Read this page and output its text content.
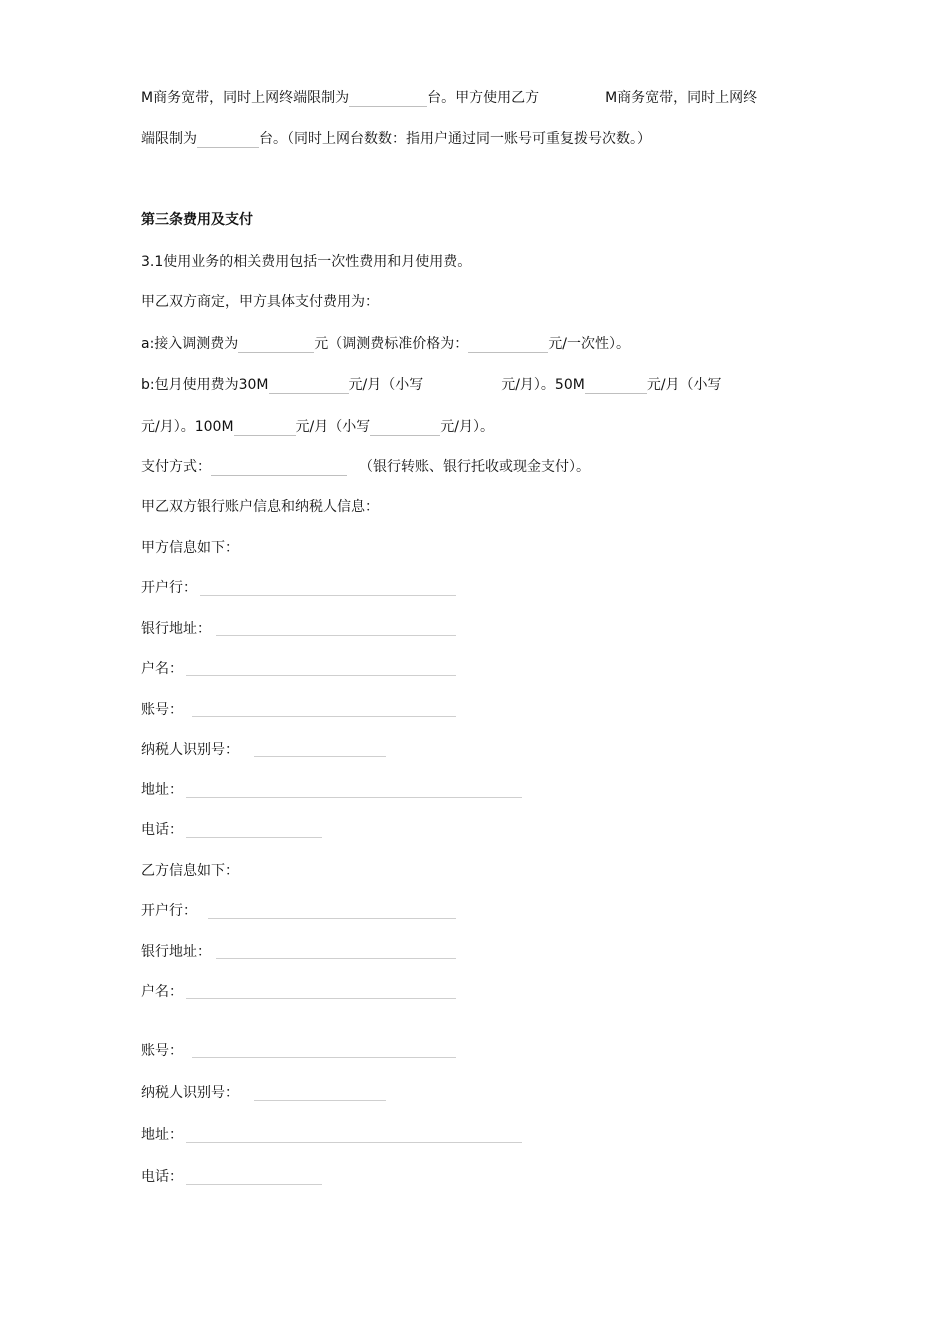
M商务宽带，同时上网终端限制为	台。甲方使用乙方	M商务宽带，同时上网终
端限制为	台。（同时上网台数数：指用户通过同一账号可重复拨号次数。）
第三条费用及支付
3.1使用业务的相关费用包括一次性费用和月使用费。
甲乙双方商定，甲方具体支付费用为：
a:接入调测费为	元（调测费标准价格为：	元/一次性）。
b:包月使用费为30M	元/月（小写	元/月）。50M	元/月（小写
元/月）。100M	元/月（小写	元/月）。
支付方式：	（银行转账、银行托收或现金支付）。
甲乙双方银行账户信息和纳税人信息：
甲方信息如下：
开户行：
银行地址：
户名：
账号：
纳税人识别号：
地址：
电话：
乙方信息如下：
开户行：
银行地址：
户名：
账号：
纳税人识别号：
地址：
电话：
